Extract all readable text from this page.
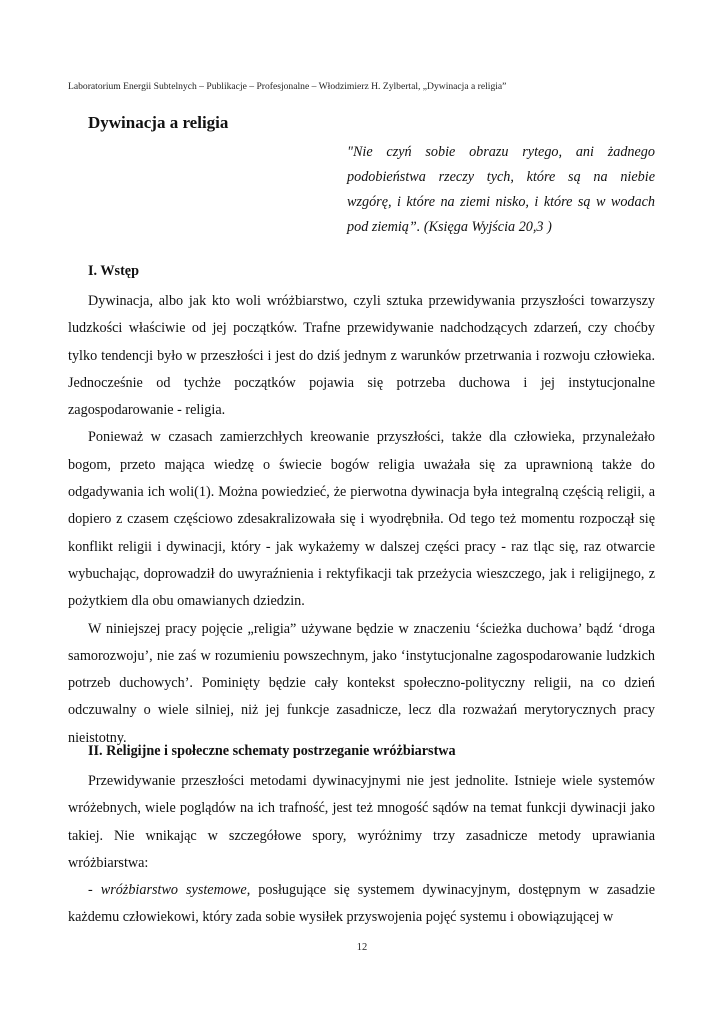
Laboratorium Energii Subtelnych – Publikacje – Profesjonalne – Włodzimierz H. Zylbertal, „Dywinacja a religia”
Dywinacja a religia
"Nie czyń sobie obrazu rytego, ani żadnego
podobieństwa rzeczy tych, które są na niebie
wzgórę, i które na ziemi nisko, i które są w wodach
pod ziemią”. (Księga Wyjścia 20,3 )
I. Wstęp

Dywinacja, albo jak kto woli wróżbiarstwo, czyli sztuka przewidywania przyszłości towarzyszy ludzkości właściwie od jej początków. Trafne przewidywanie nadchodzących zdarzeń, czy choćby tylko tendencji było w przeszłości i jest do dziś jednym z warunków przetrwania i rozwoju człowieka. Jednocześnie od tychże początków pojawia się potrzeba duchowa i jej instytucjonalne zagospodarowanie - religia.

Ponieważ w czasach zamierzchłych kreowanie przyszłości, także dla człowieka, przynależało bogom, przeto mająca wiedzę o świecie bogów religia uważała się za uprawnioną także do odgadywania ich woli(1). Można powiedzieć, że pierwotna dywinacja była integralną częścią religii, a dopiero z czasem częściowo zdesakralizowała się i wyodrębniła. Od tego też momentu rozpoczął się konflikt religii i dywinacji, który - jak wykażemy w dalszej części pracy - raz tląc się, raz otwarcie wybuchając, doprowadził do uwyraźnienia i rektyfikacji tak przeżycia wieszczego, jak i religijnego, z pożytkiem dla obu omawianych dziedzin.

W niniejszej pracy pojęcie „religia” używane będzie w znaczeniu ‘ścieżka duchowa’ bądź ‘droga samorozwoju’, nie zaś w rozumieniu powszechnym, jako ‘instytucjonalne zagospodarowanie ludzkich potrzeb duchowych’. Pominięty będzie cały kontekst społeczno-polityczny religii, na co dzień odczuwalny o wiele silniej, niż jej funkcje zasadnicze, lecz dla rozważań merytorycznych pracy nieistotny.

II. Religijne i społeczne schematy postrzeganie wróżbiarstwa

Przewidywanie przeszłości metodami dywinacyjnymi nie jest jednolite. Istnieje wiele systemów wróżebnych, wiele poglądów na ich trafność, jest też mnogość sądów na temat funkcji dywinacji jako takiej. Nie wnikając w szczegółowe spory, wyróżnimy trzy zasadnicze metody uprawiania wróżbiarstwa:

- wróżbiarstwo systemowe, posługujące się systemem dywinacyjnym, dostępnym w zasadzie każdemu człowiekowi, który zada sobie wysiłek przyswojenia pojęć systemu i obowiązującej w

12
